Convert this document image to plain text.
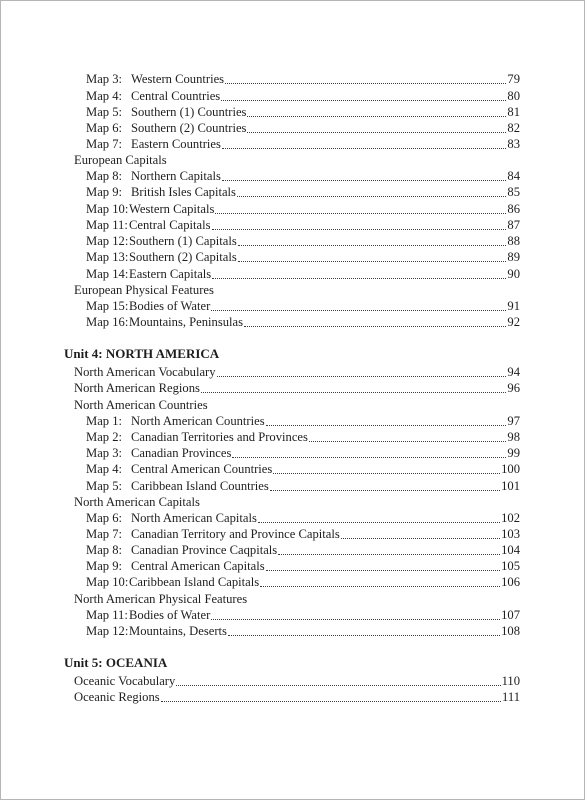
Map 3: Western Countries	79
Map 4: Central Countries	80
Map 5: Southern (1) Countries	81
Map 6: Southern (2) Countries	82
Map 7: Eastern Countries	83
European Capitals
Map 8: Northern Capitals	84
Map 9: British Isles Capitals	85
Map 10: Western Capitals	86
Map 11: Central Capitals	87
Map 12: Southern (1) Capitals	88
Map 13: Southern (2) Capitals	89
Map 14: Eastern Capitals	90
European Physical Features
Map 15: Bodies of Water	91
Map 16: Mountains, Peninsulas	92
Unit 4: NORTH AMERICA
North American Vocabulary	94
North American Regions	96
North American Countries
Map 1: North American Countries	97
Map 2: Canadian Territories and Provinces	98
Map 3: Canadian Provinces	99
Map 4: Central American Countries	100
Map 5: Caribbean Island Countries	101
North American Capitals
Map 6: North American Capitals	102
Map 7: Canadian Territory and Province Capitals	103
Map 8: Canadian Province Caqpitals	104
Map 9: Central American Capitals	105
Map 10: Caribbean Island Capitals	106
North American Physical Features
Map 11: Bodies of Water	107
Map 12: Mountains, Deserts	108
Unit 5: OCEANIA
Oceanic Vocabulary	110
Oceanic Regions	111
